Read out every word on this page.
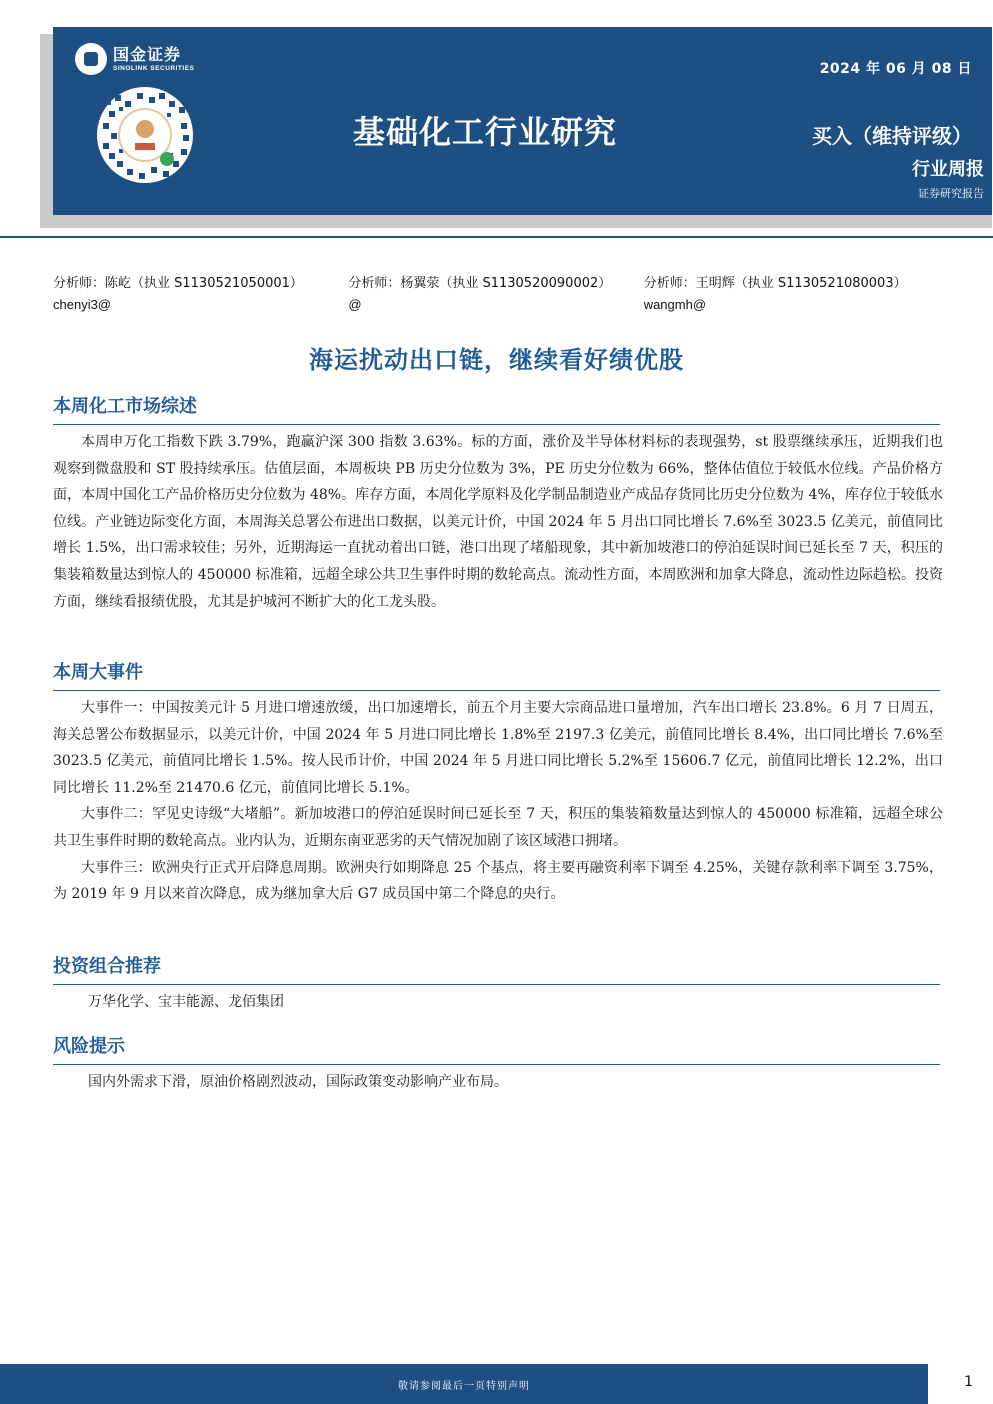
国金证券
SINOLINK SECURITIES	2024 年 06 月 08 日
基础化工行业研究	买入（维持评级）
行业周报
证券研究报告
分析师：陈屹（执业 S1130521050001）
chenyi3@
分析师：杨翼荥（执业 S1130520090002）
@
分析师：王明辉（执业 S1130521080003）
wangmh@
海运扰动出口链，继续看好绩优股
本周化工市场综述

本周申万化工指数下跌 3.79%，跑赢沪深 300 指数 3.63%。标的方面，涨价及半导体材料标的表现强势，st 股票继续承压，近期我们也观察到微盘股和 ST 股持续承压。估值层面，本周板块 PB 历史分位数为 3%，PE 历史分位数为 66%，整体估值位于较低水位线。产品价格方面，本周中国化工产品价格历史分位数为 48%。库存方面，本周化学原料及化学制品制造业产成品存货同比历史分位数为 4%，库存位于较低水位线。产业链边际变化方面，本周海关总署公布进出口数据，以美元计价，中国 2024 年 5 月出口同比增长 7.6%至 3023.5 亿美元，前值同比增长 1.5%，出口需求较佳；另外，近期海运一直扰动着出口链，港口出现了堵船现象，其中新加坡港口的停泊延误时间已延长至 7 天，积压的集装箱数量达到惊人的 450000 标准箱，远超全球公共卫生事件时期的数轮高点。流动性方面，本周欧洲和加拿大降息，流动性边际趋松。投资方面，继续看报绩优股，尤其是护城河不断扩大的化工龙头股。

本周大事件

大事件一：中国按美元计 5 月进口增速放缓，出口加速增长，前五个月主要大宗商品进口量增加，汽车出口增长 23.8%。6 月 7 日周五，海关总署公布数据显示，以美元计价，中国 2024 年 5 月进口同比增长 1.8%至 2197.3 亿美元，前值同比增长 8.4%，出口同比增长 7.6%至 3023.5 亿美元，前值同比增长 1.5%。按人民币计价，中国 2024 年 5 月进口同比增长 5.2%至 15606.7 亿元，前值同比增长 12.2%，出口同比增长 11.2%至 21470.6 亿元，前值同比增长 5.1%。

大事件二：罕见史诗级“大堵船”。新加坡港口的停泊延误时间已延长至 7 天，积压的集装箱数量达到惊人的 450000 标准箱，远超全球公共卫生事件时期的数轮高点。业内认为，近期东南亚恶劣的天气情况加剧了该区域港口拥堵。

大事件三：欧洲央行正式开启降息周期。欧洲央行如期降息 25 个基点，将主要再融资利率下调至 4.25%，关键存款利率下调至 3.75%，为 2019 年 9 月以来首次降息，成为继加拿大后 G7 成员国中第二个降息的央行。

投资组合推荐
万华化学、宝丰能源、龙佰集团
风险提示
国内外需求下滑，原油价格剧烈波动，国际政策变动影响产业布局。
敬请参阅最后一页特别声明	1
